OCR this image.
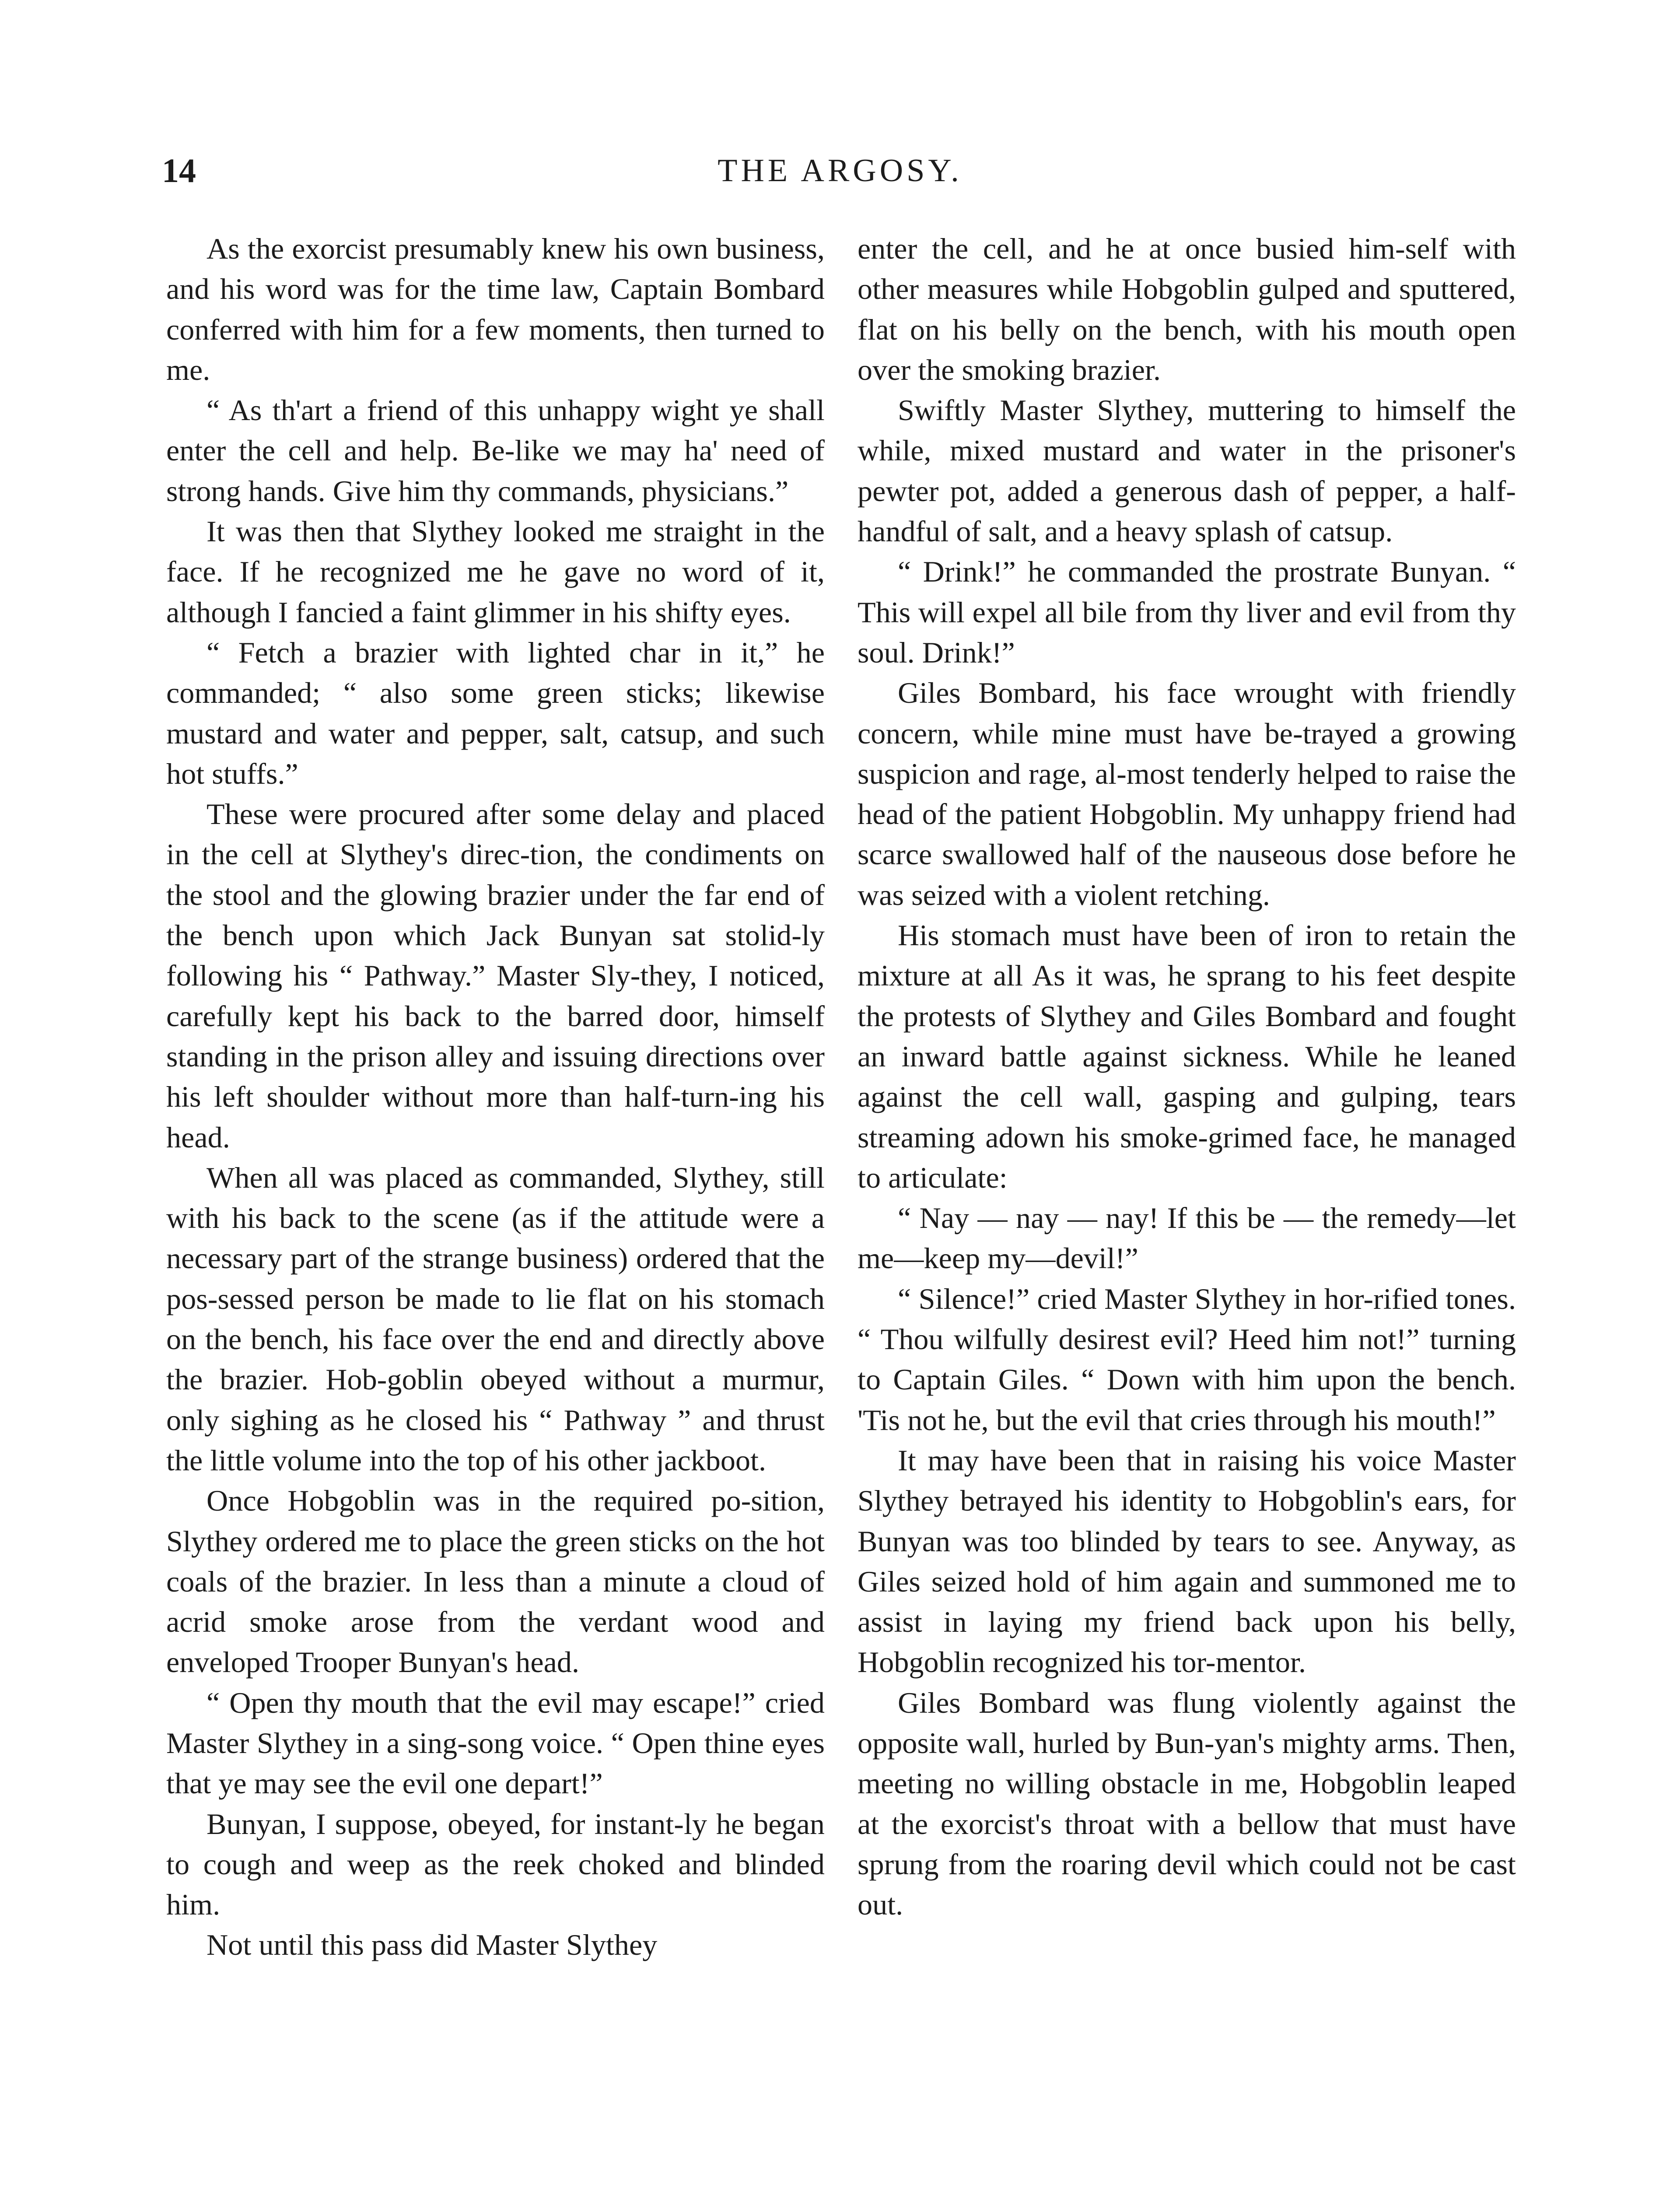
14	THE ARGOSY.

As the exorcist presumably knew his own business, and his word was for the time law, Captain Bombard conferred with him for a few moments, then turned to me.

“ As th'art a friend of this unhappy wight ye shall enter the cell and help. Be-like we may ha' need of strong hands. Give him thy commands, physicians.”

It was then that Slythey looked me straight in the face. If he recognized me he gave no word of it, although I fancied a faint glimmer in his shifty eyes.

“ Fetch a brazier with lighted char in it,” he commanded; “ also some green sticks; likewise mustard and water and pepper, salt, catsup, and such hot stuffs.”

These were procured after some delay and placed in the cell at Slythey's direc-tion, the condiments on the stool and the glowing brazier under the far end of the bench upon which Jack Bunyan sat stolid-ly following his “ Pathway.” Master Sly-they, I noticed, carefully kept his back to the barred door, himself standing in the prison alley and issuing directions over his left shoulder without more than half-turn-ing his head.

When all was placed as commanded, Slythey, still with his back to the scene (as if the attitude were a necessary part of the strange business) ordered that the pos-sessed person be made to lie flat on his stomach on the bench, his face over the end and directly above the brazier. Hob-goblin obeyed without a murmur, only sighing as he closed his “ Pathway ” and thrust the little volume into the top of his other jackboot.

Once Hobgoblin was in the required po-sition, Slythey ordered me to place the green sticks on the hot coals of the brazier. In less than a minute a cloud of acrid smoke arose from the verdant wood and enveloped Trooper Bunyan's head.

“ Open thy mouth that the evil may escape!” cried Master Slythey in a sing-song voice. “ Open thine eyes that ye may see the evil one depart!”

Bunyan, I suppose, obeyed, for instant-ly he began to cough and weep as the reek choked and blinded him.

Not until this pass did Master Slythey

enter the cell, and he at once busied him-self with other measures while Hobgoblin gulped and sputtered, flat on his belly on the bench, with his mouth open over the smoking brazier.

Swiftly Master Slythey, muttering to himself the while, mixed mustard and water in the prisoner's pewter pot, added a generous dash of pepper, a half-handful of salt, and a heavy splash of catsup.

“ Drink!” he commanded the prostrate Bunyan. “ This will expel all bile from thy liver and evil from thy soul. Drink!”

Giles Bombard, his face wrought with friendly concern, while mine must have be-trayed a growing suspicion and rage, al-most tenderly helped to raise the head of the patient Hobgoblin. My unhappy friend had scarce swallowed half of the nauseous dose before he was seized with a violent retching.

His stomach must have been of iron to retain the mixture at all As it was, he sprang to his feet despite the protests of Slythey and Giles Bombard and fought an inward battle against sickness. While he leaned against the cell wall, gasping and gulping, tears streaming adown his smoke-grimed face, he managed to articulate:

“ Nay — nay — nay! If this be — the remedy—let me—keep my—devil!”

“ Silence!” cried Master Slythey in hor-rified tones. “ Thou wilfully desirest evil? Heed him not!” turning to Captain Giles. “ Down with him upon the bench. 'Tis not he, but the evil that cries through his mouth!”

It may have been that in raising his voice Master Slythey betrayed his identity to Hobgoblin's ears, for Bunyan was too blinded by tears to see. Anyway, as Giles seized hold of him again and summoned me to assist in laying my friend back upon his belly, Hobgoblin recognized his tor-mentor.

Giles Bombard was flung violently against the opposite wall, hurled by Bun-yan's mighty arms. Then, meeting no willing obstacle in me, Hobgoblin leaped at the exorcist's throat with a bellow that must have sprung from the roaring devil which could not be cast out.
